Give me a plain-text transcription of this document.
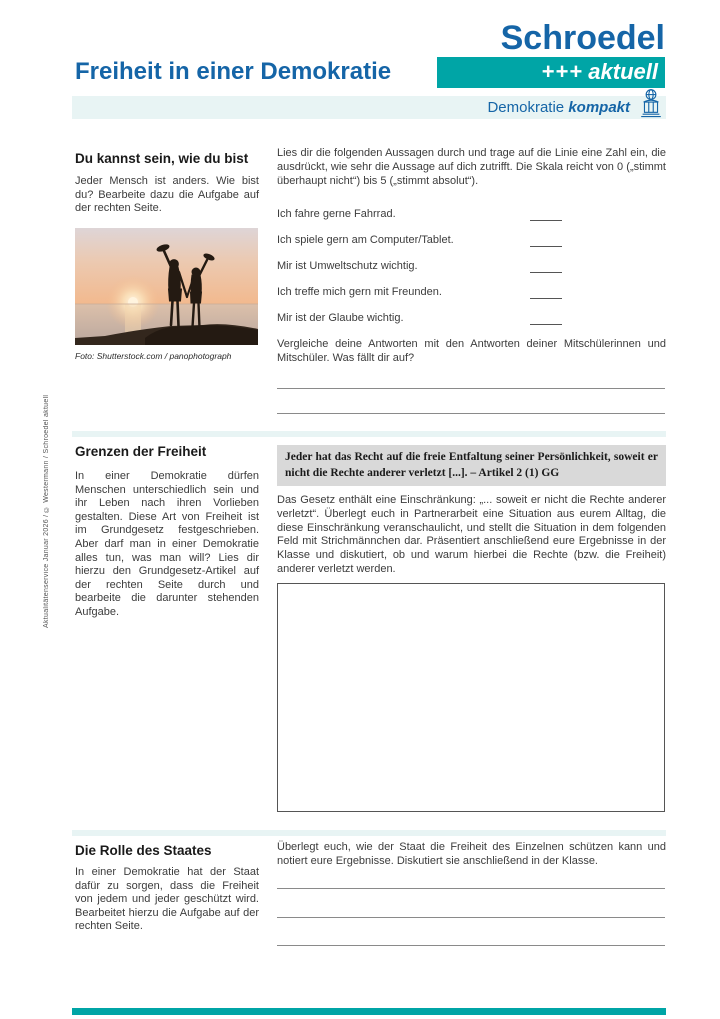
Aktualitätenservice Januar 2026 / © Westermann / Schroedel aktuell
Schroedel
+++ aktuell
Freiheit in einer Demokratie
Demokratie kompakt
Du kannst sein, wie du bist

Jeder Mensch ist anders. Wie bist du? Bearbeite dazu die Aufgabe auf der rechten Seite.

Foto: Shutterstock.com / panophotograph

Lies dir die folgenden Aussagen durch und trage auf die Linie eine Zahl ein, die ausdrückt, wie sehr die Aussage auf dich zutrifft. Die Skala reicht von 0 („stimmt überhaupt nicht“) bis 5 („stimmt absolut“).

Ich fahre gerne Fahrrad.
Ich spiele gern am Computer/Tablet.
Mir ist Umweltschutz wichtig.
Ich treffe mich gern mit Freunden.
Mir ist der Glaube wichtig.

Vergleiche deine Antworten mit den Antworten deiner Mitschülerinnen und Mitschüler. Was fällt dir auf?

Grenzen der Freiheit

In einer Demokratie dürfen Menschen unterschiedlich sein und ihr Leben nach ihren Vorlieben gestalten. Diese Art von Freiheit ist im Grundgesetz festgeschrieben. Aber darf man in einer Demokratie alles tun, was man will? Lies dir hierzu den Grundgesetz-Artikel auf der rechten Seite durch und bearbeite die darunter stehenden Aufgabe.

Jeder hat das Recht auf die freie Entfaltung seiner Persönlichkeit, soweit er nicht die Rechte anderer verletzt [...]. – Artikel 2 (1) GG

Das Gesetz enthält eine Einschränkung: „... soweit er nicht die Rechte anderer verletzt“. Überlegt euch in Partnerarbeit eine Situation aus eurem Alltag, die diese Einschränkung veranschaulicht, und stellt die Situation in dem folgenden Feld mit Strichmännchen dar. Präsentiert anschließend eure Ergebnisse in der Klasse und diskutiert, ob und warum hierbei die Rechte (bzw. die Freiheit) anderer verletzt werden.

Die Rolle des Staates

In einer Demokratie hat der Staat dafür zu sorgen, dass die Freiheit von jedem und jeder geschützt wird. Bearbeitet hierzu die Aufgabe auf der rechten Seite.

Überlegt euch, wie der Staat die Freiheit des Einzelnen schützen kann und notiert eure Ergebnisse. Diskutiert sie anschließend in der Klasse.
